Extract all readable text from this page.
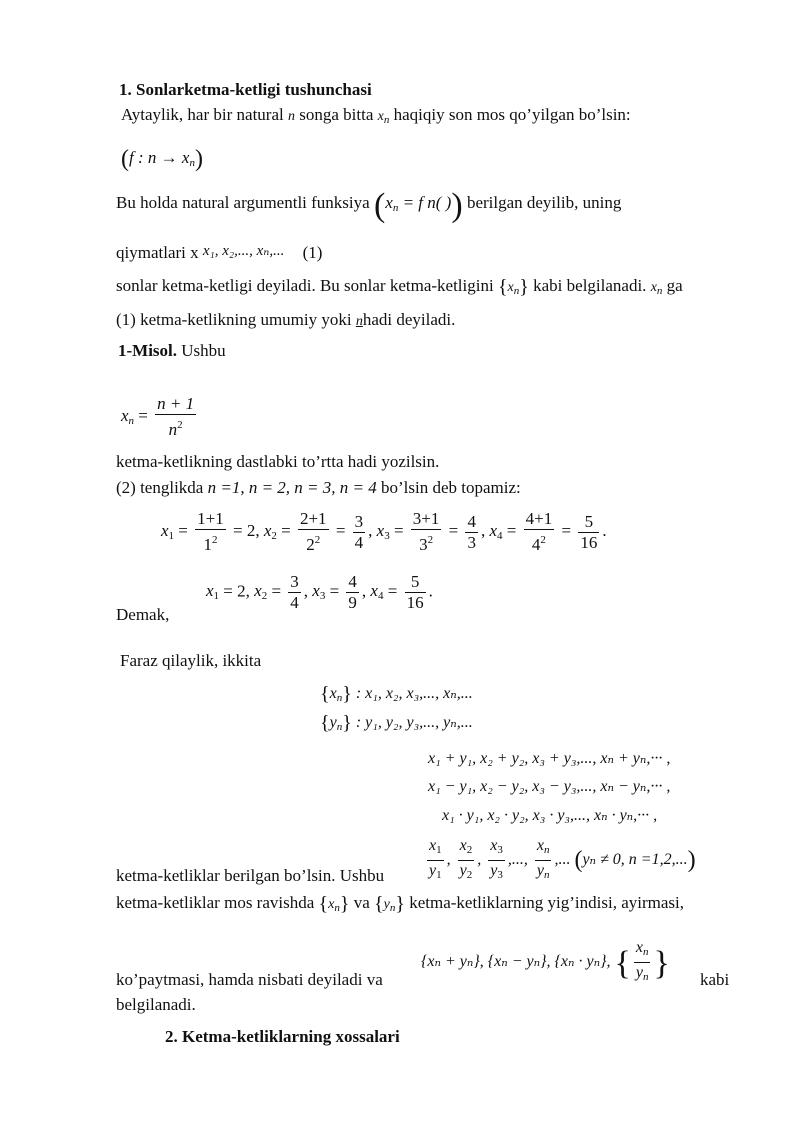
1. Sonlarketma-ketligi tushunchasi
Aytaylik, har bir natural n songa bitta $x_n$ haqiqiy son mos qo’yilgan bo’lsin:
(f : $n \to x_n$)
Bu holda natural argumentli funksiya ($x_n = f$ n( )) berilgan deyilib, uning
qiymatlari x x₁, x₂,..., xₙ,... (1)
sonlar ketma-ketligi deyiladi. Bu sonlar ketma-ketligini $\{x_n\}$ kabi belgilanadi. $x_n$ ga
(1) ketma-ketlikning umumiy yoki nhadi deyiladi.
1-Misol. Ushbu
$x_n = \frac{n + 1}{n^2}$
ketma-ketlikning dastlabki to’rtta hadi yozilsin.
(2) tenglikda n =1, n = 2, n = 3, n = 4 bo’lsin deb topamiz:
$x_1 = \frac{1+1}{1^2} = 2$, $x_2 = \frac{2+1}{2^2} = \frac{3}{4}$ , $x_3 = \frac{3+1}{3^2} = \frac{4}{3}$ , $x_4 = \frac{4+1}{4^2} = \frac{5}{16}$ .
$x_1 = 2$, $x_2 = \frac{3}{4}$ , $x_3 = \frac{4}{9}$ , $x_4 = \frac{5}{16}$ .
Demak,
Faraz qilaylik, ikkita
$\{x_n\}$ : x₁, x₂, x₃,..., xₙ,...
$\{y_n\}$ : y₁, y₂, y₃,..., yₙ,...
x₁ + y₁, x₂ + y₂, x₃ + y₃,..., xₙ + yₙ,··· ,
x₁ − y₁, x₂ − y₂, x₃ − y₃,..., xₙ − yₙ,··· ,
x₁ · y₁, x₂ · y₂, x₃ · y₃,..., xₙ · yₙ,··· ,
$\frac{x_1}{y_1}$ , $\frac{x_2}{y_2}$ , $\frac{x_3}{y_3}$ ,..., $\frac{x_n}{y_n}$ ,... (yₙ ≠ 0, n =1,2,...)
ketma-ketliklar berilgan bo’lsin. Ushbu
ketma-ketliklar mos ravishda $\{x_n\}$ va $\{y_n\}$ ketma-ketliklarning yig’indisi, ayirmasi,
{xₙ + yₙ}, {xₙ − yₙ}, {xₙ · yₙ}, { $\frac{x_n}{y_n}$ }
ko’paytmasi, hamda nisbati deyiladi va	kabi
belgilanadi.
2. Ketma-ketliklarning xossalari
